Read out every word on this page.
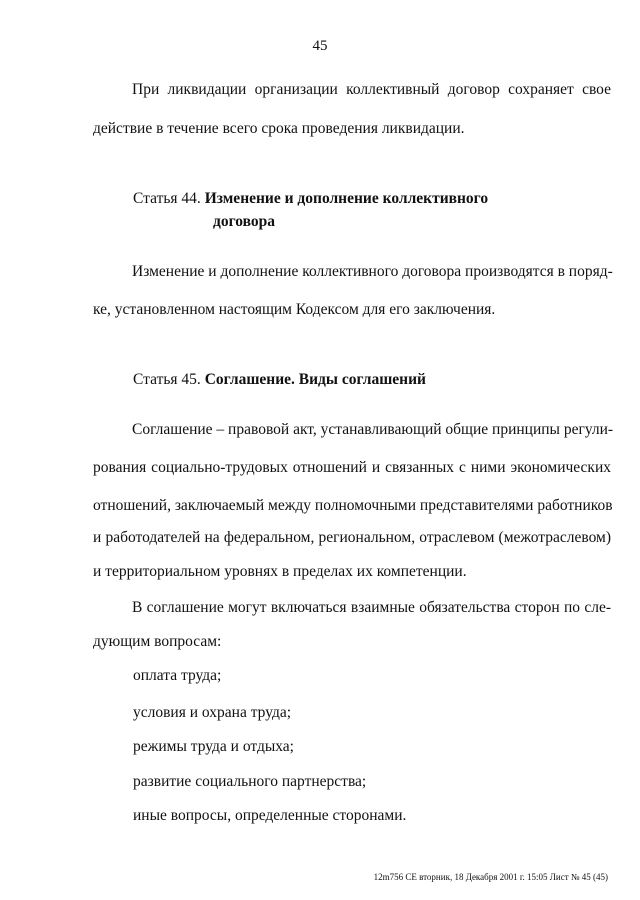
45
При ликвидации организации коллективный договор сохраняет свое
действие в течение всего срока проведения ликвидации.
Статья 44. Изменение и дополнение коллективного
договора
Изменение и дополнение коллективного договора производятся в поряд-
ке, установленном настоящим Кодексом для его заключения.
Статья 45. Соглашение. Виды соглашений
Соглашение – правовой акт, устанавливающий общие принципы регули-
рования социально-трудовых отношений и связанных с ними экономических
отношений, заключаемый между полномочными представителями работников
и работодателей на федеральном, региональном, отраслевом (межотраслевом)
и территориальном уровнях в пределах их компетенции.
В соглашение могут включаться взаимные обязательства сторон по сле-
дующим вопросам:
оплата труда;
условия и охрана труда;
режимы труда и отдыха;
развитие социального партнерства;
иные вопросы, определенные сторонами.
12m756 CE вторник, 18 Декабря 2001 г. 15:05 Лист № 45 (45)
